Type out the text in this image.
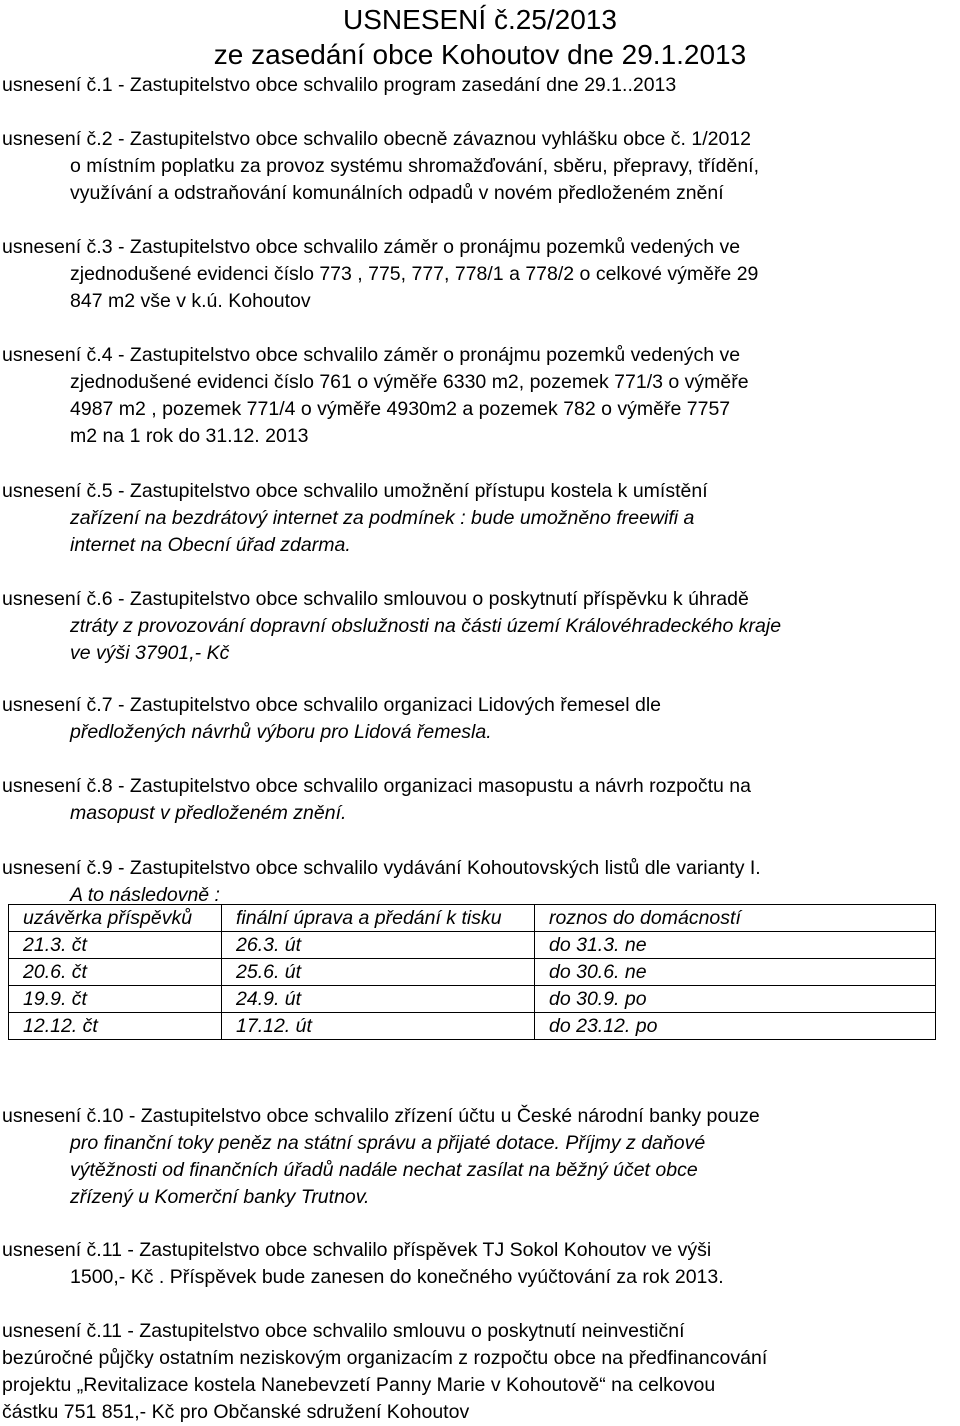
USNESENÍ č.25/2013
ze zasedání obce Kohoutov dne 29.1.2013
usnesení č.1 - Zastupitelstvo obce schvalilo program zasedání dne 29.1..2013
usnesení č.2 - Zastupitelstvo obce schvalilo obecně závaznou vyhlášku obce č. 1/2012
o místním poplatku za provoz systému shromažďování, sběru, přepravy, třídění,
využívání a odstraňování komunálních odpadů v novém předloženém znění
usnesení č.3 - Zastupitelstvo obce schvalilo záměr o pronájmu pozemků vedených ve
zjednodušené evidenci číslo 773 , 775, 777, 778/1 a 778/2 o celkové výměře 29
847 m2 vše v k.ú. Kohoutov
usnesení č.4 - Zastupitelstvo obce schvalilo záměr o pronájmu pozemků vedených ve
zjednodušené evidenci číslo 761 o výměře 6330 m2, pozemek 771/3 o výměře
4987 m2 , pozemek 771/4 o výměře 4930m2 a pozemek 782 o výměře 7757
m2 na 1 rok do 31.12. 2013
usnesení č.5 - Zastupitelstvo obce schvalilo umožnění přístupu kostela k umístění
zařízení na bezdrátový internet za podmínek : bude umožněno freewifi a
internet na Obecní úřad zdarma.
usnesení č.6 - Zastupitelstvo obce schvalilo smlouvou o poskytnutí příspěvku k úhradě
ztráty z provozování dopravní obslužnosti na části území Královéhradeckého kraje
ve výši 37901,- Kč
usnesení č.7 - Zastupitelstvo obce schvalilo organizaci Lidových řemesel dle
předložených návrhů výboru pro Lidová řemesla.
usnesení č.8 - Zastupitelstvo obce schvalilo organizaci masopustu a návrh rozpočtu na
masopust v předloženém znění.
usnesení č.9 - Zastupitelstvo obce schvalilo vydávání Kohoutovských listů dle varianty I.
A to následovně :
uzávěrka příspěvků	finální úprava a předání k tisku	roznos do domácností
21.3. čt	26.3. út	do 31.3. ne
20.6. čt	25.6. út	do 30.6. ne
19.9. čt	24.9. út	do 30.9. po
12.12. čt	17.12. út	do 23.12. po
usnesení č.10 - Zastupitelstvo obce schvalilo zřízení účtu u České národní banky pouze
pro finanční toky peněz na státní správu a přijaté dotace. Příjmy z daňové
výtěžnosti od finančních úřadů nadále nechat zasílat na běžný účet obce
zřízený u Komerční banky Trutnov.
usnesení č.11 - Zastupitelstvo obce schvalilo příspěvek TJ Sokol Kohoutov ve výši
1500,- Kč . Příspěvek bude zanesen do konečného vyúčtování za rok 2013.
usnesení č.11 - Zastupitelstvo obce schvalilo smlouvu o poskytnutí neinvestiční
bezúročné půjčky ostatním neziskovým organizacím z rozpočtu obce na předfinancování
projektu „Revitalizace kostela Nanebevzetí Panny Marie v Kohoutově“ na celkovou
částku 751 851,- Kč pro Občanské sdružení Kohoutov
